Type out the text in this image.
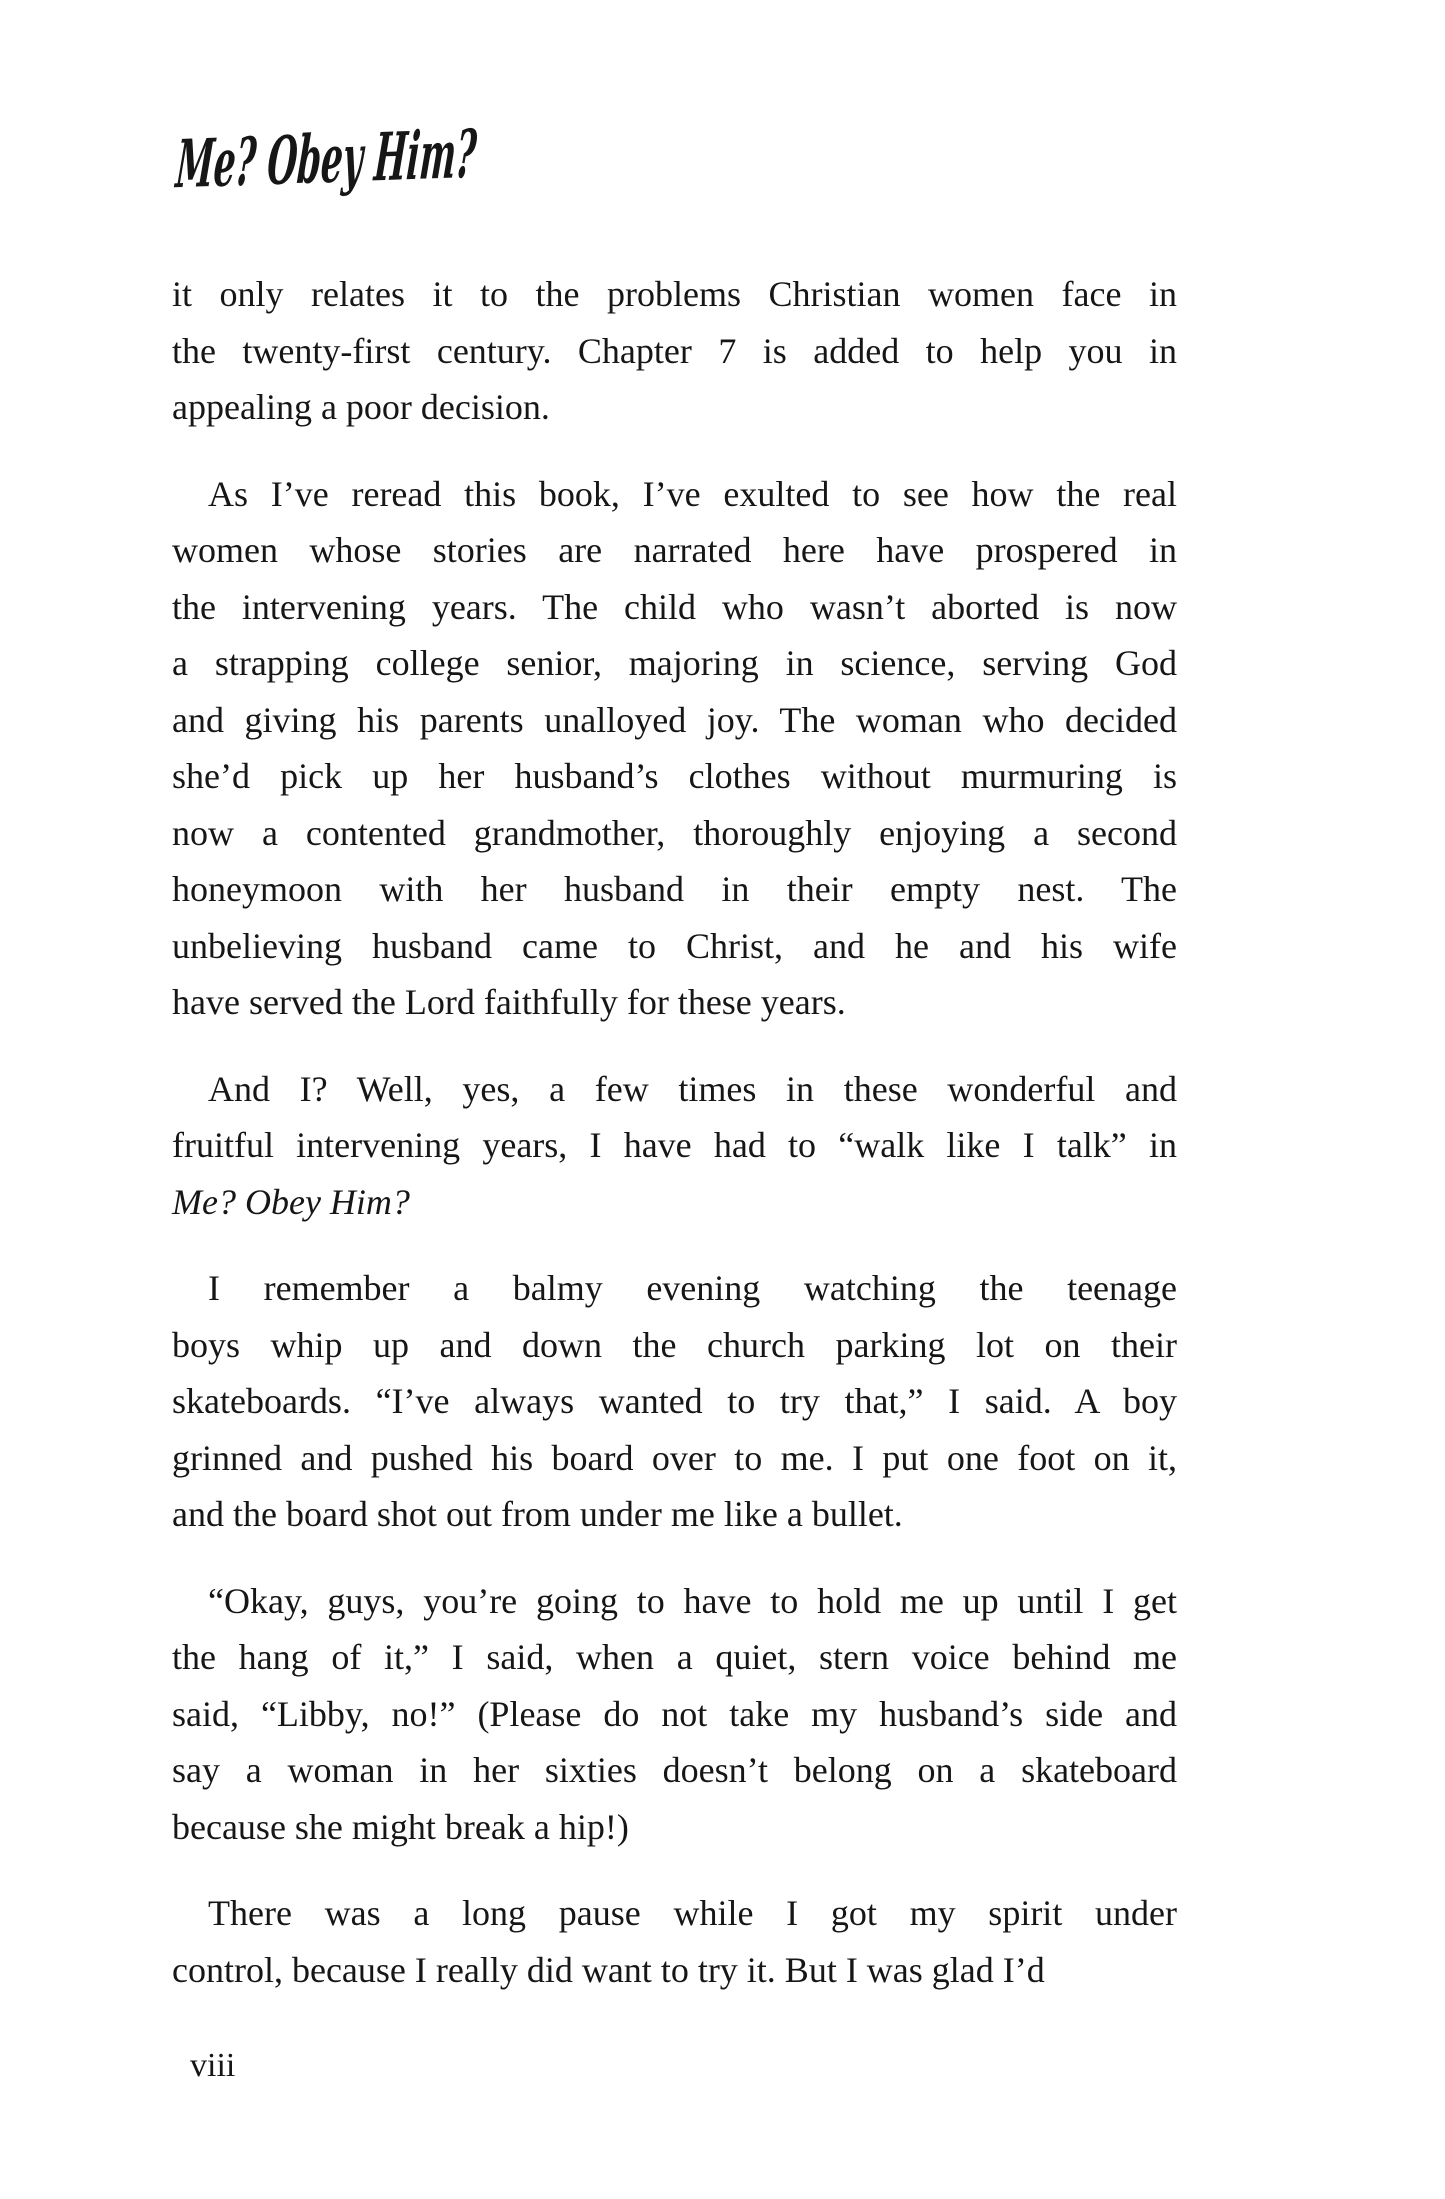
Me? Obey Him?
it only relates it to the problems Christian women face in
the twenty-first century. Chapter 7 is added to help you in
appealing a poor decision.
As I’ve reread this book, I’ve exulted to see how the real
women whose stories are narrated here have prospered in
the intervening years. The child who wasn’t aborted is now
a strapping college senior, majoring in science, serving God
and giving his parents unalloyed joy. The woman who decided
she’d pick up her husband’s clothes without murmuring is
now a contented grandmother, thoroughly enjoying a second
honeymoon with her husband in their empty nest. The
unbelieving husband came to Christ, and he and his wife
have served the Lord faithfully for these years.
And I? Well, yes, a few times in these wonderful and
fruitful intervening years, I have had to “walk like I talk” in
Me? Obey Him?
I remember a balmy evening watching the teenage
boys whip up and down the church parking lot on their
skateboards. “I’ve always wanted to try that,” I said. A boy
grinned and pushed his board over to me. I put one foot on it,
and the board shot out from under me like a bullet.
“Okay, guys, you’re going to have to hold me up until I get
the hang of it,” I said, when a quiet, stern voice behind me
said, “Libby, no!” (Please do not take my husband’s side and
say a woman in her sixties doesn’t belong on a skateboard
because she might break a hip!)
There was a long pause while I got my spirit under
control, because I really did want to try it. But I was glad I’d
viii
